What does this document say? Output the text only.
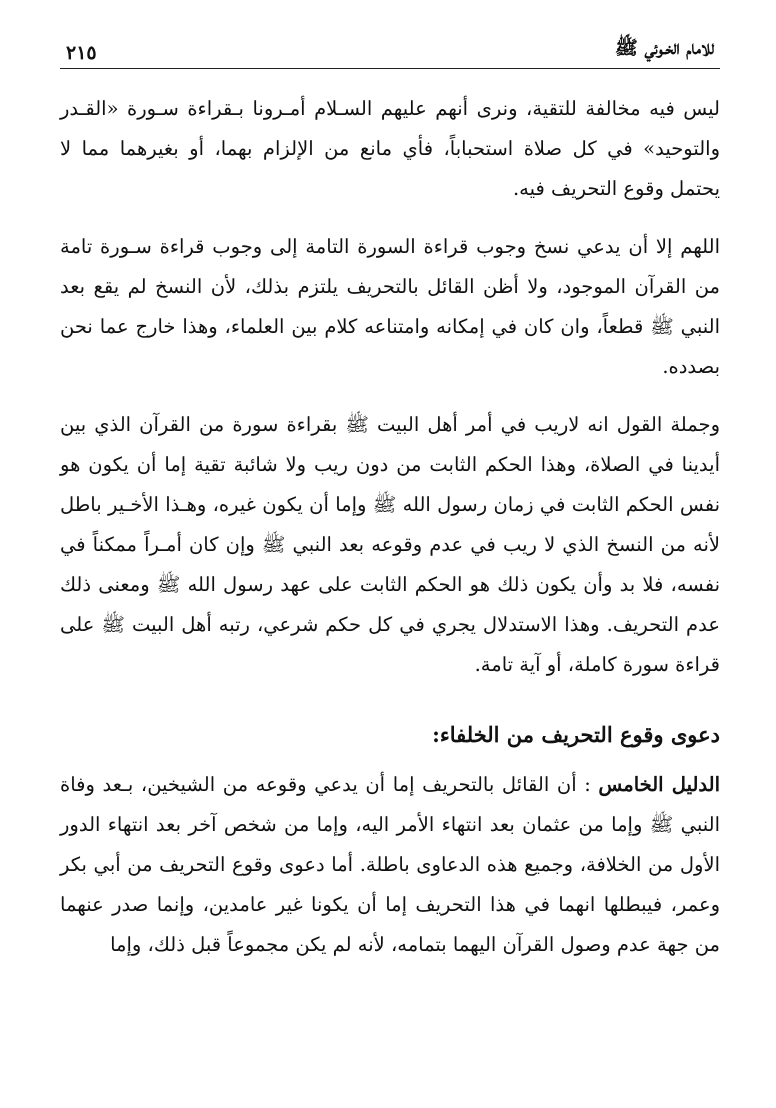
للامام الخـوئي ﷺ
٢١٥

ليس فيه مخالفة للتقية، ونرى أنهم عليهم السـلام أمـرونا بـقراءة سـورة «القـدر والتوحيد» في كل صلاة استحباباً، فأي مانع من الإلزام بهما، أو بغيرهما مما لا يحتمل وقوع التحريف فيه.

اللهم إلا أن يدعي نسخ وجوب قراءة السورة التامة إلى وجوب قراءة سـورة تامة من القرآن الموجود، ولا أظن القائل بالتحريف يلتزم بذلك، لأن النسخ لم يقع بعد النبي ﷺ قطعاً، وان كان في إمكانه وامتناعه كلام بين العلماء، وهذا خارج عما نحن بصدده.

وجملة القول انه لاريب في أمر أهل البيت ﷺ بقراءة سورة من القرآن الذي بين أيدينا في الصلاة، وهذا الحكم الثابت من دون ريب ولا شائبة تقية إما أن يكون هو نفس الحكم الثابت في زمان رسول الله ﷺ وإما أن يكون غيره، وهـذا الأخـير باطل لأنه من النسخ الذي لا ريب في عدم وقوعه بعد النبي ﷺ وإن كان أمـراً ممكناً في نفسه، فلا بد وأن يكون ذلك هو الحكم الثابت على عهد رسول الله ﷺ ومعنى ذلك عدم التحريف. وهذا الاستدلال يجري في كل حكم شرعي، رتبه أهل البيت ﷺ على قراءة سورة كاملة، أو آية تامة.

دعوى وقوع التحريف من الخلفاء:

الدليل الخامس : أن القائل بالتحريف إما أن يدعي وقوعه من الشيخين، بـعد وفاة النبي ﷺ وإما من عثمان بعد انتهاء الأمر اليه، وإما من شخص آخر بعد انتهاء الدور الأول من الخلافة، وجميع هذه الدعاوى باطلة. أما دعوى وقوع التحريف من أبي بكر وعمر، فيبطلها انهما في هذا التحريف إما أن يكونا غير عامدين، وإنما صدر عنهما من جهة عدم وصول القرآن اليهما بتمامه، لأنه لم يكن مجموعاً قبل ذلك، وإما
